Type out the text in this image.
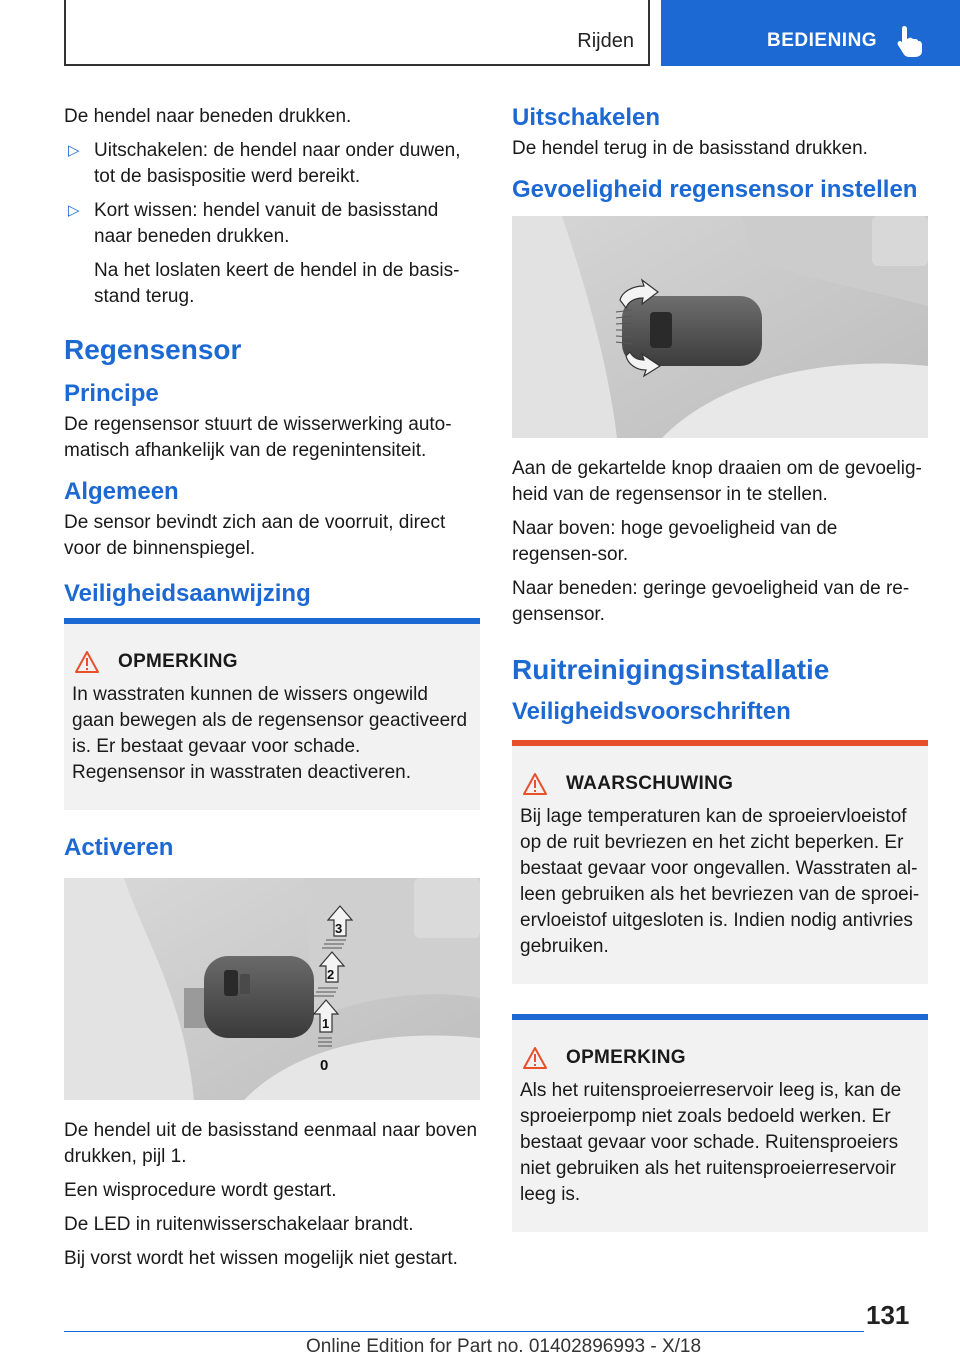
Rijden	BEDIENING

De hendel naar beneden drukken.

▷ Uitschakelen: de hendel naar onder duwen, tot de basispositie werd bereikt.
▷ Kort wissen: hendel vanuit de basisstand naar beneden drukken.

Na het loslaten keert de hendel in de basis-stand terug.

Regensensor
Principe

De regensensor stuurt de wisserwerking auto-matisch afhankelijk van de regenintensiteit.

Algemeen

De sensor bevindt zich aan de voorruit, direct voor de binnenspiegel.

Veiligheidsaanwijzing
OPMERKING

In wasstraten kunnen de wissers ongewild gaan bewegen als de regensensor geactiveerd is. Er bestaat gevaar voor schade. Regensensor in wasstraten deactiveren.

Activeren
3
2
1
0

De hendel uit de basisstand eenmaal naar boven drukken, pijl 1.

Een wisprocedure wordt gestart.

De LED in ruitenwisserschakelaar brandt.

Bij vorst wordt het wissen mogelijk niet gestart.

Uitschakelen

De hendel terug in de basisstand drukken.

Gevoeligheid regensensor instellen

Aan de gekartelde knop draaien om de gevoelig-heid van de regensensor in te stellen.

Naar boven: hoge gevoeligheid van de regensen-sor.

Naar beneden: geringe gevoeligheid van de re-gensensor.

Ruitreinigingsinstallatie
Veiligheidsvoorschriften
WAARSCHUWING

Bij lage temperaturen kan de sproeiervloeistof op de ruit bevriezen en het zicht beperken. Er bestaat gevaar voor ongevallen. Wasstraten al-leen gebruiken als het bevriezen van de sproei-ervloeistof uitgesloten is. Indien nodig antivries gebruiken.

OPMERKING

Als het ruitensproeierreservoir leeg is, kan de sproeierpomp niet zoals bedoeld werken. Er bestaat gevaar voor schade. Ruitensproeiers niet gebruiken als het ruitensproeierreservoir leeg is.

131
Online Edition for Part no. 01402896993 - X/18
